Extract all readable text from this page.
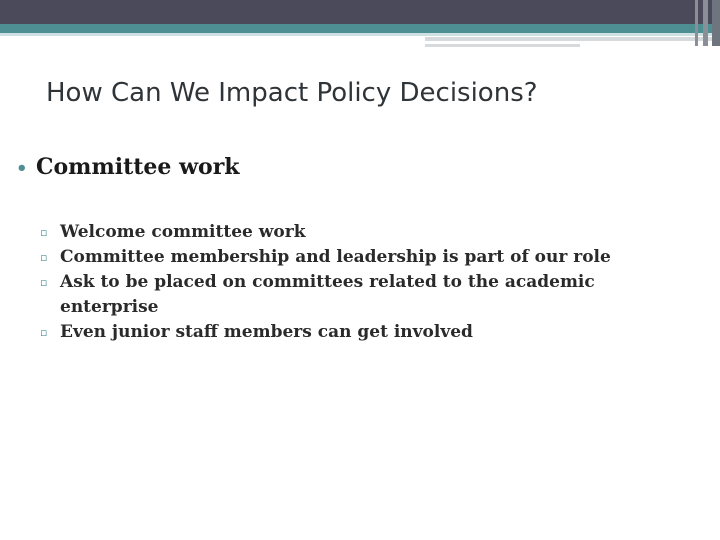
How Can We Impact Policy Decisions?
• Committee work
▫ Welcome committee work
▫ Committee membership and leadership is part of our role
▫ Ask to be placed on committees related to the academic enterprise
▫ Even junior staff members can get involved
